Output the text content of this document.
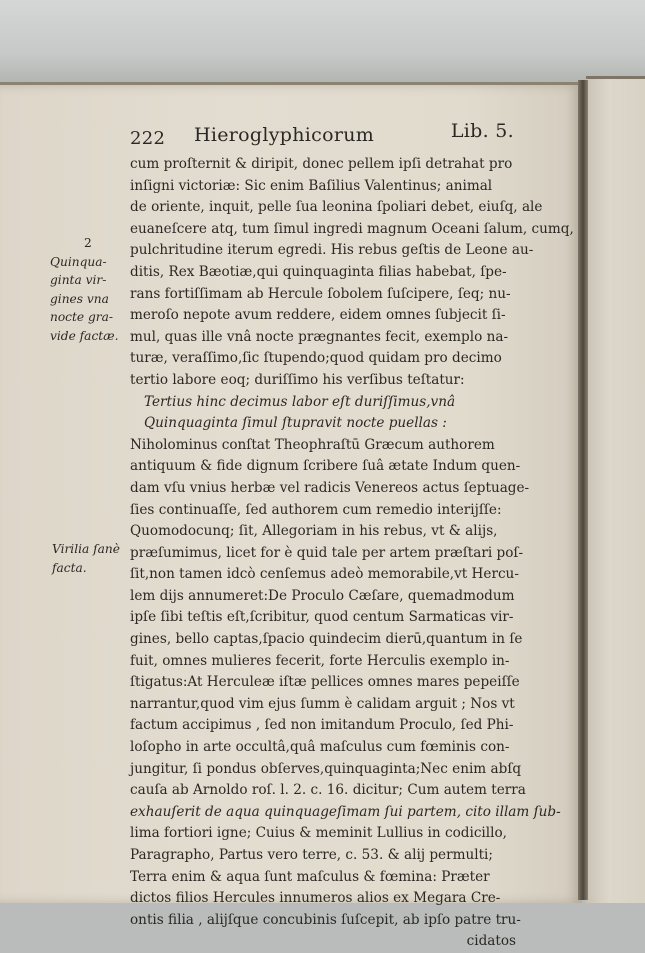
2
Quinqua-
ginta vir-
gines vna
nocte gra-
vide factæ.
Virilia ſanè
facta.
222 Hieroglyphicorum	Lib. 5.
cum proſternit & diripit, donec pellem ipſi detrahat pro
inſigni victoriæ: Sic enim Baſilius Valentinus; animal
de oriente, inquit, pelle ſua leonina ſpoliari debet, eiuſq, ale
euaneſcere atq, tum ſimul ingredi magnum Oceani ſalum, cumq,
pulchritudine iterum egredi. His rebus geſtis de Leone au-
ditis, Rex Bæotiæ,qui quinquaginta filias habebat, ſpe-
rans fortiſſimam ab Hercule ſobolem ſuſcipere, ſeq; nu-
meroſo nepote avum reddere, eidem omnes ſubjecit ſi-
mul, quas ille vnâ nocte prægnantes fecit, exemplo na-
turæ, veraſſimo,ſic ſtupendo;quod quidam pro decimo
tertio labore eoq; duriſſimo his verſibus teſtatur:
Tertius hinc decimus labor eſt duriſſimus,vnâ
Quinquaginta ſimul ſtupravit nocte puellas :
Niholominus conſtat Theophraſtū Græcum authorem
antiquum & fide dignum ſcribere ſuâ ætate Indum quen-
dam vſu vnius herbæ vel radicis Venereos actus ſeptuage-
ſies continuaſſe, ſed authorem cum remedio interijſſe:
Quomodocunq; ſit, Allegoriam in his rebus, vt & alijs,
præſumimus, licet for è quid tale per artem præſtari poſ-
ſit,non tamen idcò cenſemus adeò memorabile,vt Hercu-
lem dijs annumeret:De Proculo Cæſare, quemadmodum
ipſe ſibi teſtis eſt,ſcribitur, quod centum Sarmaticas vir-
gines, bello captas,ſpacio quindecim dierū,quantum in ſe
fuit, omnes mulieres fecerit, forte Herculis exemplo in-
ſtigatus:At Herculeæ iſtæ pellices omnes mares pepeiſſe
narrantur,quod vim ejus ſumm è calidam arguit ; Nos vt
factum accipimus , ſed non imitandum Proculo, ſed Phi-
loſopho in arte occultâ,quâ maſculus cum fœminis con-
jungitur, ſi pondus obſerves,quinquaginta;Nec enim abſq
cauſa ab Arnoldo roſ. l. 2. c. 16. dicitur; Cum autem terra
exhauſerit de aqua quinquageſimam ſui partem, cito illam ſub-
lima fortiori igne; Cuius & meminit Lullius in codicillo,
Paragrapho, Partus vero terre, c. 53. & alij permulti;
Terra enim & aqua ſunt maſculus & fœmina: Præter
dictos filios Hercules innumeros alios ex Megara Cre-
ontis filia , alijſque concubinis ſuſcepit, ab ipſo patre tru-
cidatos
